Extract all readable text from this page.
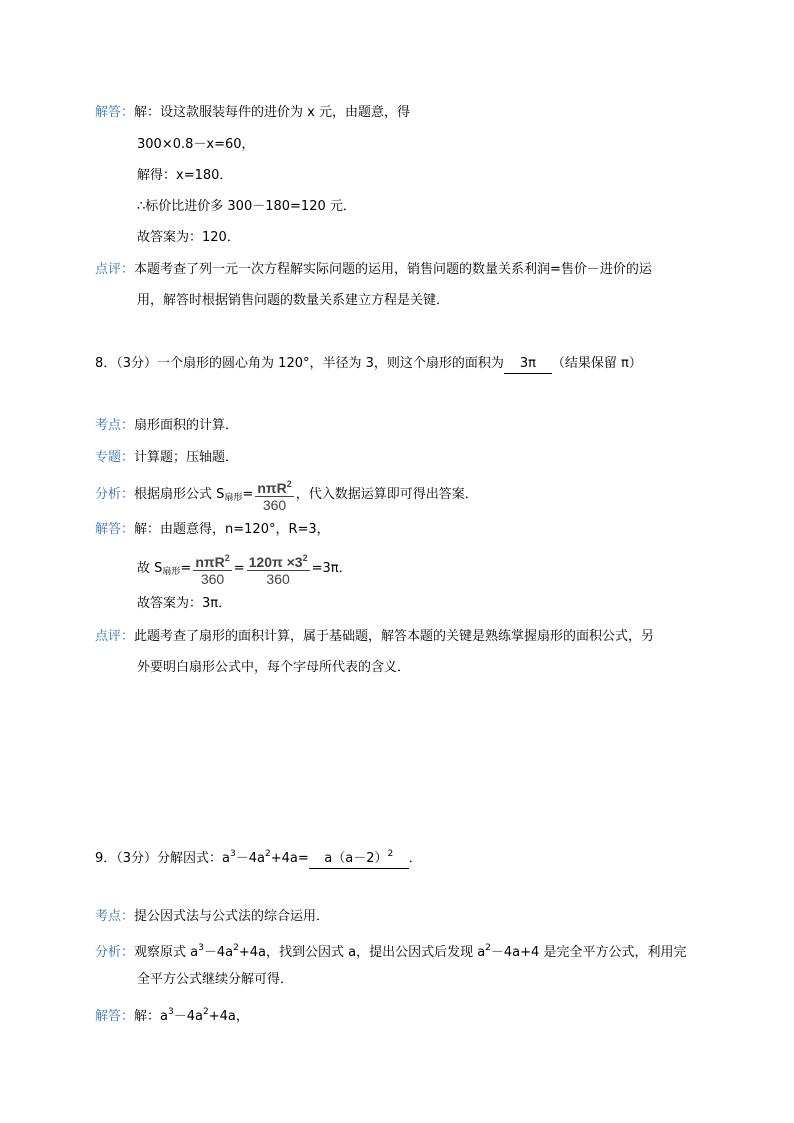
解答：解：设这款服装每件的进价为 x 元，由题意，得
300×0.8－x=60，
解得：x=180．
∴标价比进价多 300－180=120 元．
故答案为：120．
点评：本题考查了列一元一次方程解实际问题的运用，销售问题的数量关系利润=售价－进价的运
用，解答时根据销售问题的数量关系建立方程是关键．
8．（3分）一个扇形的圆心角为 120°，半径为 3，则这个扇形的面积为 3π （结果保留 π）
考点：扇形面积的计算．
专题：计算题；压轴题．
分析：根据扇形公式 $S_{扇形}= \frac{n\pi R^2}{360}$ ，代入数据运算即可得出答案．
解答：解：由题意得，n=120°，R=3，
故 $S_{扇形}= \frac{n\pi R^2}{360} = \frac{120\pi \times 3^2}{360} =3\pi$．
故答案为：3π．
点评：此题考查了扇形的面积计算，属于基础题，解答本题的关键是熟练掌握扇形的面积公式，另
外要明白扇形公式中，每个字母所代表的含义．
9．（3分）分解因式：$a^3-4a^2+4a= a(a-2)^2$ ．
考点：提公因式法与公式法的综合运用．
分析：观察原式 $a^3-4a^2+4a$，找到公因式 a，提出公因式后发现 $a^2-4a+4$ 是完全平方公式，利用完
全平方公式继续分解可得．
解答：解：$a^3-4a^2+4a$，
